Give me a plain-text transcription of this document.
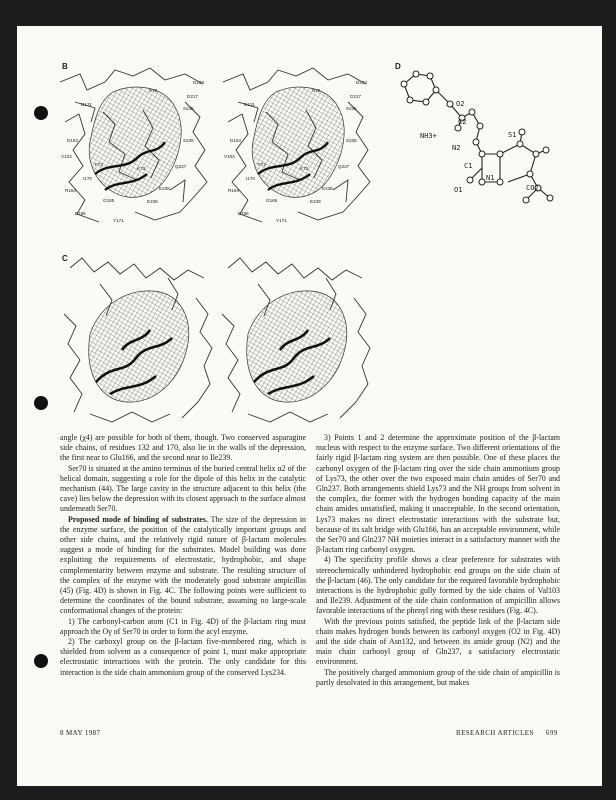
B
C
D
S235
D233
D217
S236
Q237
E238
E239
Y171
E166
R164
D163
D131
K73
S70
I170
F72
G165
V103
S235
D233
D217
S236
Q237
E238
E239
Y171
E166
R164
D163
D131
K73
S70
I170
F72
G165
V103
O2
C2
NH3+
N2
S1
C1
N1
O1	CO2-

angle (χ4) are possible for both of them, though. Two conserved asparagine side chains, of residues 132 and 170, also lie in the walls of the depression, the first near to Glu166, and the second near to Ile239.

Ser70 is situated at the amino terminus of the buried central helix α2 of the helical domain, suggesting a role for the dipole of this helix in the catalytic mechanism (44). The large cavity in the structure adjacent to this helix (the cave) lies below the depression with its closest approach to the surface almost underneath Ser70.

Proposed mode of binding of substrates. The size of the depression in the enzyme surface, the position of the catalytically important groups and other side chains, and the relatively rigid nature of β-lactam molecules suggest a mode of binding for the substrates. Model building was done exploiting the requirements of electrostatic, hydrophobic, and shape complementarity between enzyme and substrate. The resulting structure of the complex of the enzyme with the moderately good substrate ampicillin (45) (Fig. 4D) is shown in Fig. 4C. The following points were sufficient to determine the coordinates of the bound substrate, assuming no large-scale conformational changes of the protein:

1) The carbonyl-carbon atom (C1 in Fig. 4D) of the β-lactam ring must approach the Oγ of Ser70 in order to form the acyl enzyme.

2) The carboxyl group on the β-lactam five-membered ring, which is shielded from solvent as a consequence of point 1, must make appropriate electrostatic interactions with the protein. The only candidate for this interaction is the side chain ammonium group of the conserved Lys234.

3) Points 1 and 2 determine the approximate position of the β-lactam nucleus with respect to the enzyme surface. Two different orientations of the fairly rigid β-lactam ring system are then possible. One of these places the carbonyl oxygen of the β-lactam ring over the side chain ammonium group of Lys73, the other over the two exposed main chain amides of Ser70 and Gln237. Both arrangements shield Lys73 and the NH groups from solvent in the complex, the former with the hydrogen bonding capacity of the main chain amides unsatisfied, making it unacceptable. In the second orientation, Lys73 makes no direct electrostatic interactions with the substrate but, because of its salt bridge with Glu166, has an acceptable environment, while the Ser70 and Gln237 NH moieties interact in a satisfactory manner with the β-lactam ring carbonyl oxygen.

4) The specificity profile shows a clear preference for substrates with stereochemically unhindered hydrophobic end groups on the side chain of the β-lactam (46). The only candidate for the required favorable hydrophobic interactions is the hydrophobic gully formed by the side chains of Val103 and Ile239. Adjustment of the side chain conformation of ampicillin allows favorable interactions of the phenyl ring with these residues (Fig. 4C).

With the previous points satisfied, the peptide link of the β-lactam side chain makes hydrogen bonds between its carbonyl oxygen (O2 in Fig. 4D) and the side chain of Asn132, and between its amide group (N2) and the main chain carbonyl group of Gln237, a satisfactory electrostatic environment.

The positively charged ammonium group of the side chain of ampicillin is partly desolvated in this arrangement, but makes

8 MAY 1987	RESEARCH ARTICLES 699
